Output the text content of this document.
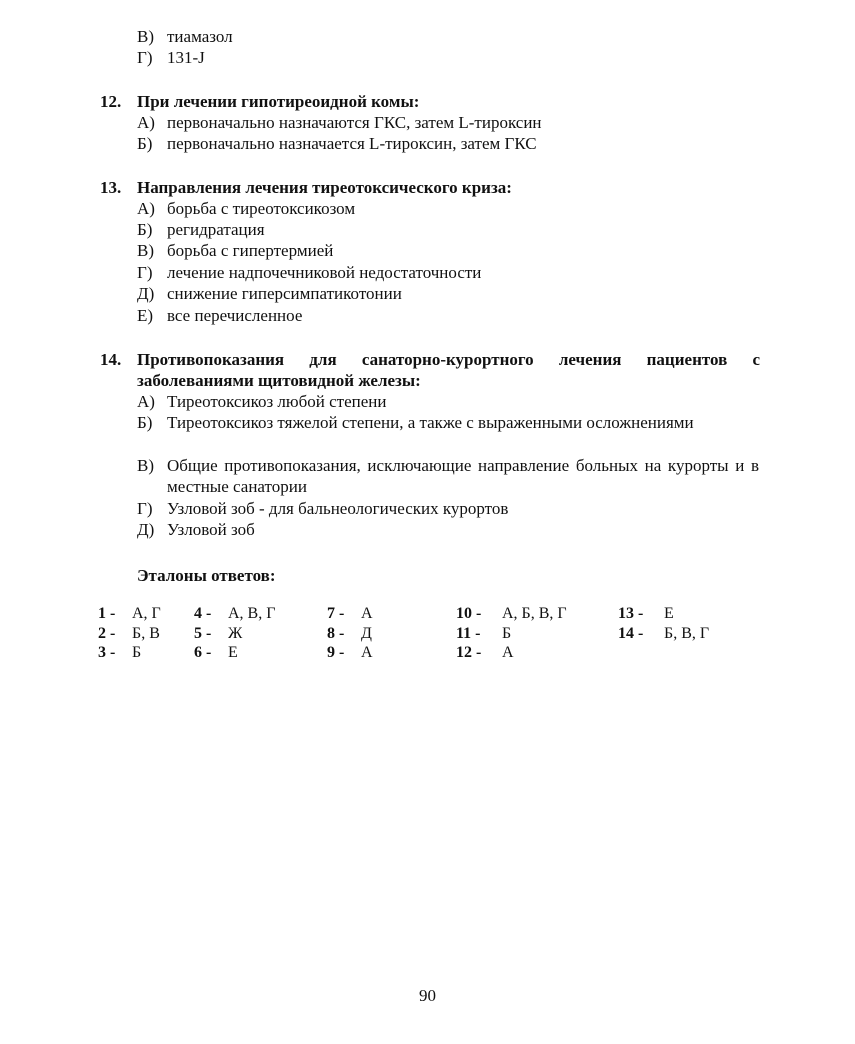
В) тиамазол
Г) 131-J
12. При лечении гипотиреоидной комы:
А) первоначально назначаются ГКС, затем L-тироксин
Б) первоначально назначается L-тироксин, затем ГКС
13. Направления лечения тиреотоксического криза:
А) борьба с тиреотоксикозом
Б) регидратация
В) борьба с гипертермией
Г) лечение надпочечниковой недостаточности
Д) снижение гиперсимпатикотонии
Е) все перечисленное
14. Противопоказания для санаторно-курортного лечения пациентов с заболеваниями щитовидной железы:
А) Тиреотоксикоз любой степени
Б) Тиреотоксикоз тяжелой степени, а также с выраженными осложнениями
В) Общие противопоказания, исключающие направление больных на курорты и в местные санатории
Г) Узловой зоб - для бальнеологических курортов
Д) Узловой зоб
Эталоны ответов:
1 - А, Г
2 - Б, В
3 - Б
4 - А, В, Г
5 - Ж
6 - Е
7 - А
8 - Д
9 - А
10 - А, Б, В, Г
11 - Б
12 - А
13 - Е
14 - Б, В, Г
90
